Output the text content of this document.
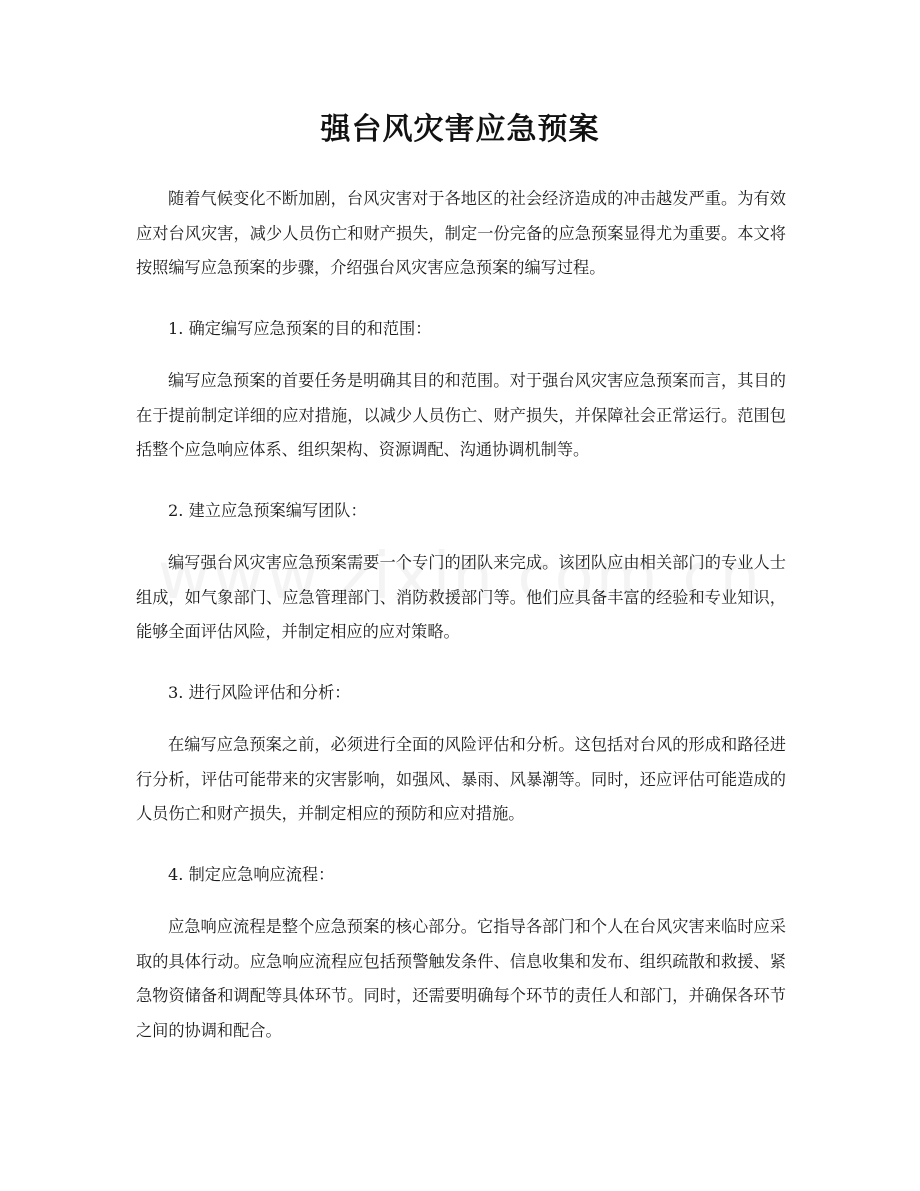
强台风灾害应急预案

随着气候变化不断加剧，台风灾害对于各地区的社会经济造成的冲击越发严重。为有效应对台风灾害，减少人员伤亡和财产损失，制定一份完备的应急预案显得尤为重要。本文将按照编写应急预案的步骤，介绍强台风灾害应急预案的编写过程。

1. 确定编写应急预案的目的和范围：

编写应急预案的首要任务是明确其目的和范围。对于强台风灾害应急预案而言，其目的在于提前制定详细的应对措施，以减少人员伤亡、财产损失，并保障社会正常运行。范围包括整个应急响应体系、组织架构、资源调配、沟通协调机制等。

2. 建立应急预案编写团队：

编写强台风灾害应急预案需要一个专门的团队来完成。该团队应由相关部门的专业人士组成，如气象部门、应急管理部门、消防救援部门等。他们应具备丰富的经验和专业知识，能够全面评估风险，并制定相应的应对策略。

3. 进行风险评估和分析：

在编写应急预案之前，必须进行全面的风险评估和分析。这包括对台风的形成和路径进行分析，评估可能带来的灾害影响，如强风、暴雨、风暴潮等。同时，还应评估可能造成的人员伤亡和财产损失，并制定相应的预防和应对措施。

4. 制定应急响应流程：

应急响应流程是整个应急预案的核心部分。它指导各部门和个人在台风灾害来临时应采取的具体行动。应急响应流程应包括预警触发条件、信息收集和发布、组织疏散和救援、紧急物资储备和调配等具体环节。同时，还需要明确每个环节的责任人和部门，并确保各环节之间的协调和配合。
